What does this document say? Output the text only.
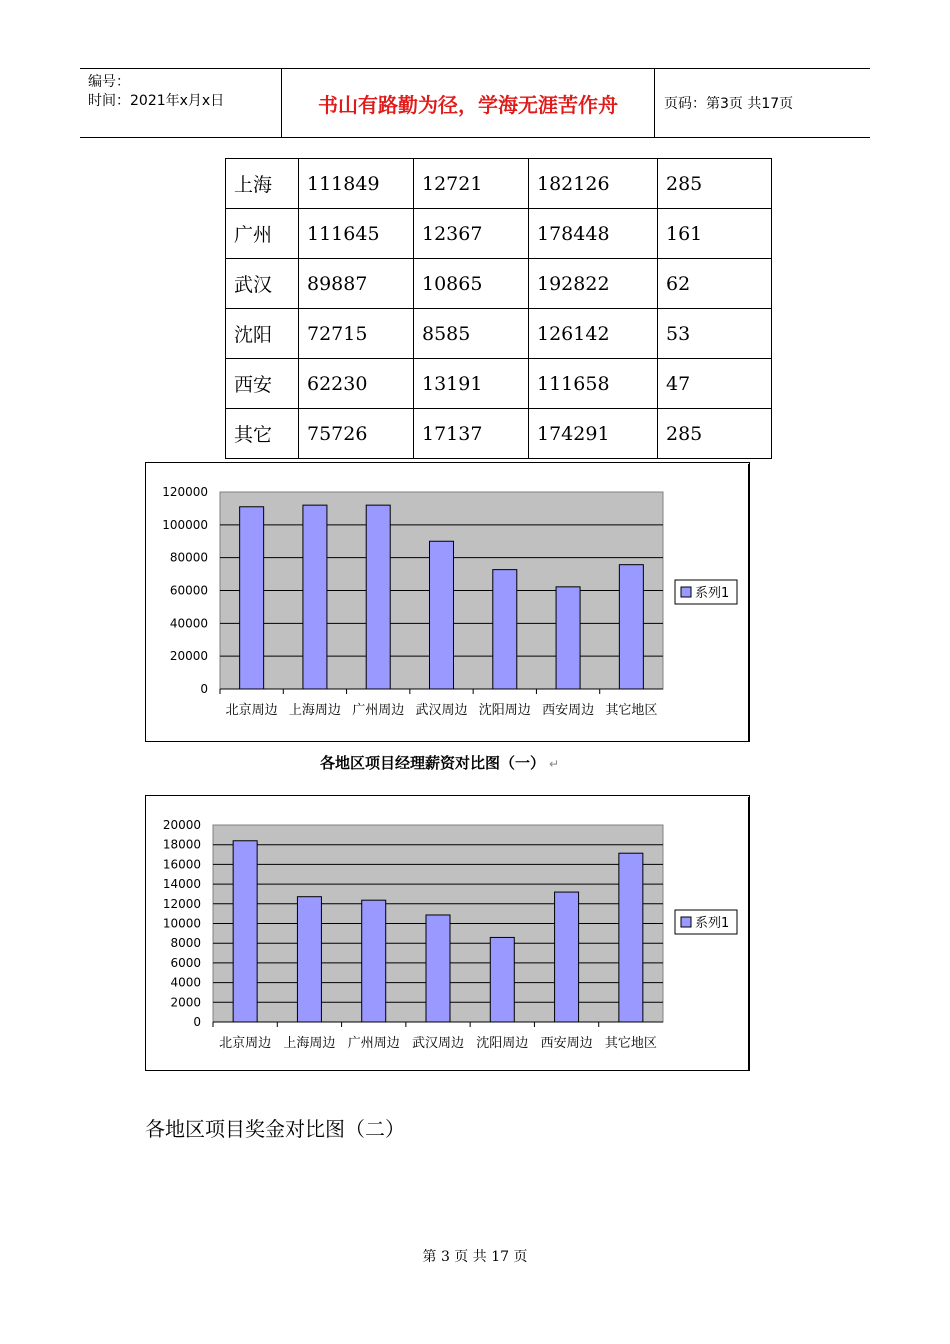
编号：
时间：2021年x月x日	书山有路勤为径，学海无涯苦作舟	页码：第3页 共17页
上海	111849	12721	182126	285
广州	111645	12367	178448	161
武汉	89887	10865	192822	62
沈阳	72715	8585	126142	53
西安	62230	13191	111658	47
其它	75726	17137	174291	285
0
20000
40000
60000
80000
100000
120000
北京周边 上海周边 广州周边 武汉周边 沈阳周边 西安周边 其它地区
系列1
各地区项目经理薪资对比图（一） ↵
0
2000
4000
6000
8000
10000
12000
14000
16000
18000
20000
北京周边 上海周边 广州周边 武汉周边 沈阳周边 西安周边 其它地区
系列1
各地区项目奖金对比图（二）
第 3 页 共 17 页
